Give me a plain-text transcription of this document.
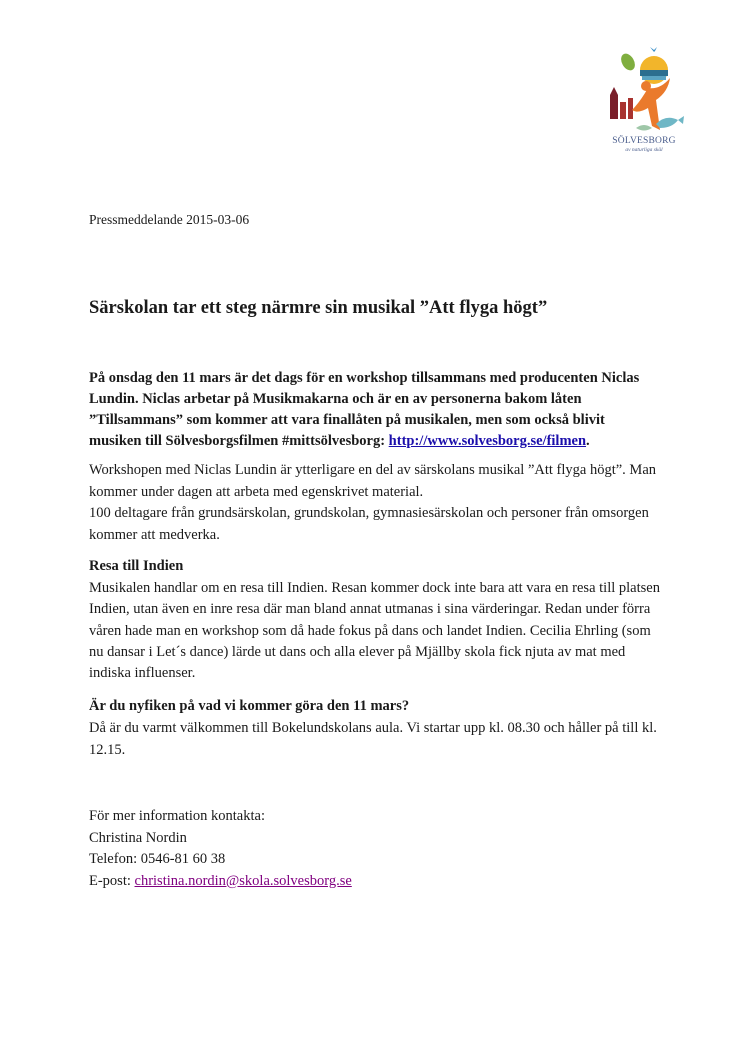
SÖLVESBORG
av naturliga skäl
Pressmeddelande 2015-03-06
Särskolan tar ett steg närmre sin musikal ”Att flyga högt”

På onsdag den 11 mars är det dags för en workshop tillsammans med producenten Niclas Lundin. Niclas arbetar på Musikmakarna och är en av personerna bakom låten ”Tillsammans” som kommer att vara finallåten på musikalen, men som också blivit musiken till Sölvesborgsfilmen #mittsölvesborg: http://www.solvesborg.se/filmen.

Workshopen med Niclas Lundin är ytterligare en del av särskolans musikal ”Att flyga högt”. Man kommer under dagen att arbeta med egenskrivet material.
100 deltagare från grundsärskolan, grundskolan, gymnasiesärskolan och personer från omsorgen kommer att medverka.
Resa till Indien

Musikalen handlar om en resa till Indien. Resan kommer dock inte bara att vara en resa till platsen Indien, utan även en inre resa där man bland annat utmanas i sina värderingar. Redan under förra våren hade man en workshop som då hade fokus på dans och landet Indien. Cecilia Ehrling (som nu dansar i Let´s dance) lärde ut dans och alla elever på Mjällby skola fick njuta av mat med indiska influenser.

Är du nyfiken på vad vi kommer göra den 11 mars?

Då är du varmt välkommen till Bokelundskolans aula. Vi startar upp kl. 08.30 och håller på till kl. 12.15.

För mer information kontakta:
Christina Nordin
Telefon: 0546-81 60 38
E-post: christina.nordin@skola.solvesborg.se
